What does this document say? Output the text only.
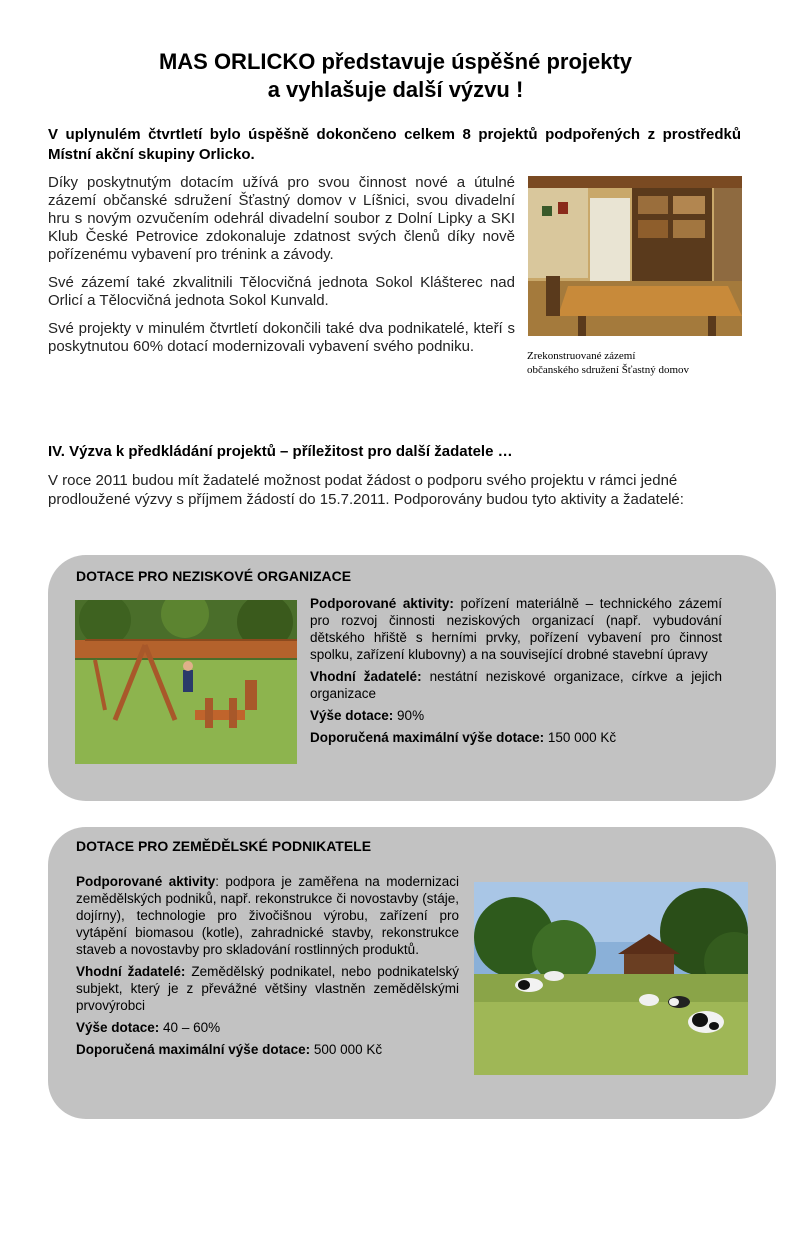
MAS ORLICKO představuje úspěšné projekty
a vyhlašuje další výzvu !

V uplynulém čtvrtletí bylo úspěšně dokončeno celkem 8 projektů podpořených z prostředků Místní akční skupiny Orlicko.

Díky poskytnutým dotacím užívá pro svou činnost nové a útulné zázemí občanské sdružení Šťastný domov v Líšnici, svou divadelní hru s novým ozvučením odehrál divadelní soubor z Dolní Lipky a SKI Klub České Petrovice zdokonaluje zdatnost svých členů díky nově pořízenému vybavení pro trénink a závody.

Své zázemí také zkvalitnili Tělocvičná jednota Sokol Klášterec nad Orlicí a Tělocvičná jednota Sokol Kunvald.

Své projekty v minulém čtvrtletí dokončili také dva podnikatelé, kteří s poskytnutou 60% dotací modernizovali vybavení svého podniku.

Zrekonstruované zázemí
občanského sdružení Šťastný domov

IV. Výzva k předkládání projektů – příležitost pro další žadatele …

V roce 2011 budou mít žadatelé možnost podat žádost o podporu svého projektu v rámci jedné prodloužené výzvy s příjmem žádostí do 15.7.2011. Podporovány budou tyto aktivity a žadatelé:

DOTACE PRO NEZISKOVÉ ORGANIZACE

Podporované aktivity: pořízení materiálně – technického zázemí pro rozvoj činnosti neziskových organizací (např. vybudování dětského hřiště s herními prvky, pořízení vybavení pro činnost spolku, zařízení klubovny) a na související drobné stavební úpravy

Vhodní žadatelé: nestátní neziskové organizace, církve a jejich organizace

Výše dotace: 90%

Doporučená maximální výše dotace: 150 000 Kč

DOTACE PRO ZEMĚDĚLSKÉ PODNIKATELE

Podporované aktivity: podpora je zaměřena na modernizaci zemědělských podniků, např. rekonstrukce či novostavby (stáje, dojírny), technologie pro živočišnou výrobu, zařízení pro vytápění biomasou (kotle), zahradnické stavby, rekonstrukce staveb a novostavby pro skladování rostlinných produktů.

Vhodní žadatelé: Zemědělský podnikatel, nebo podnikatelský subjekt, který je z převážné většiny vlastněn zemědělskými prvovýrobci

Výše dotace: 40 – 60%

Doporučená maximální výše dotace: 500 000 Kč
